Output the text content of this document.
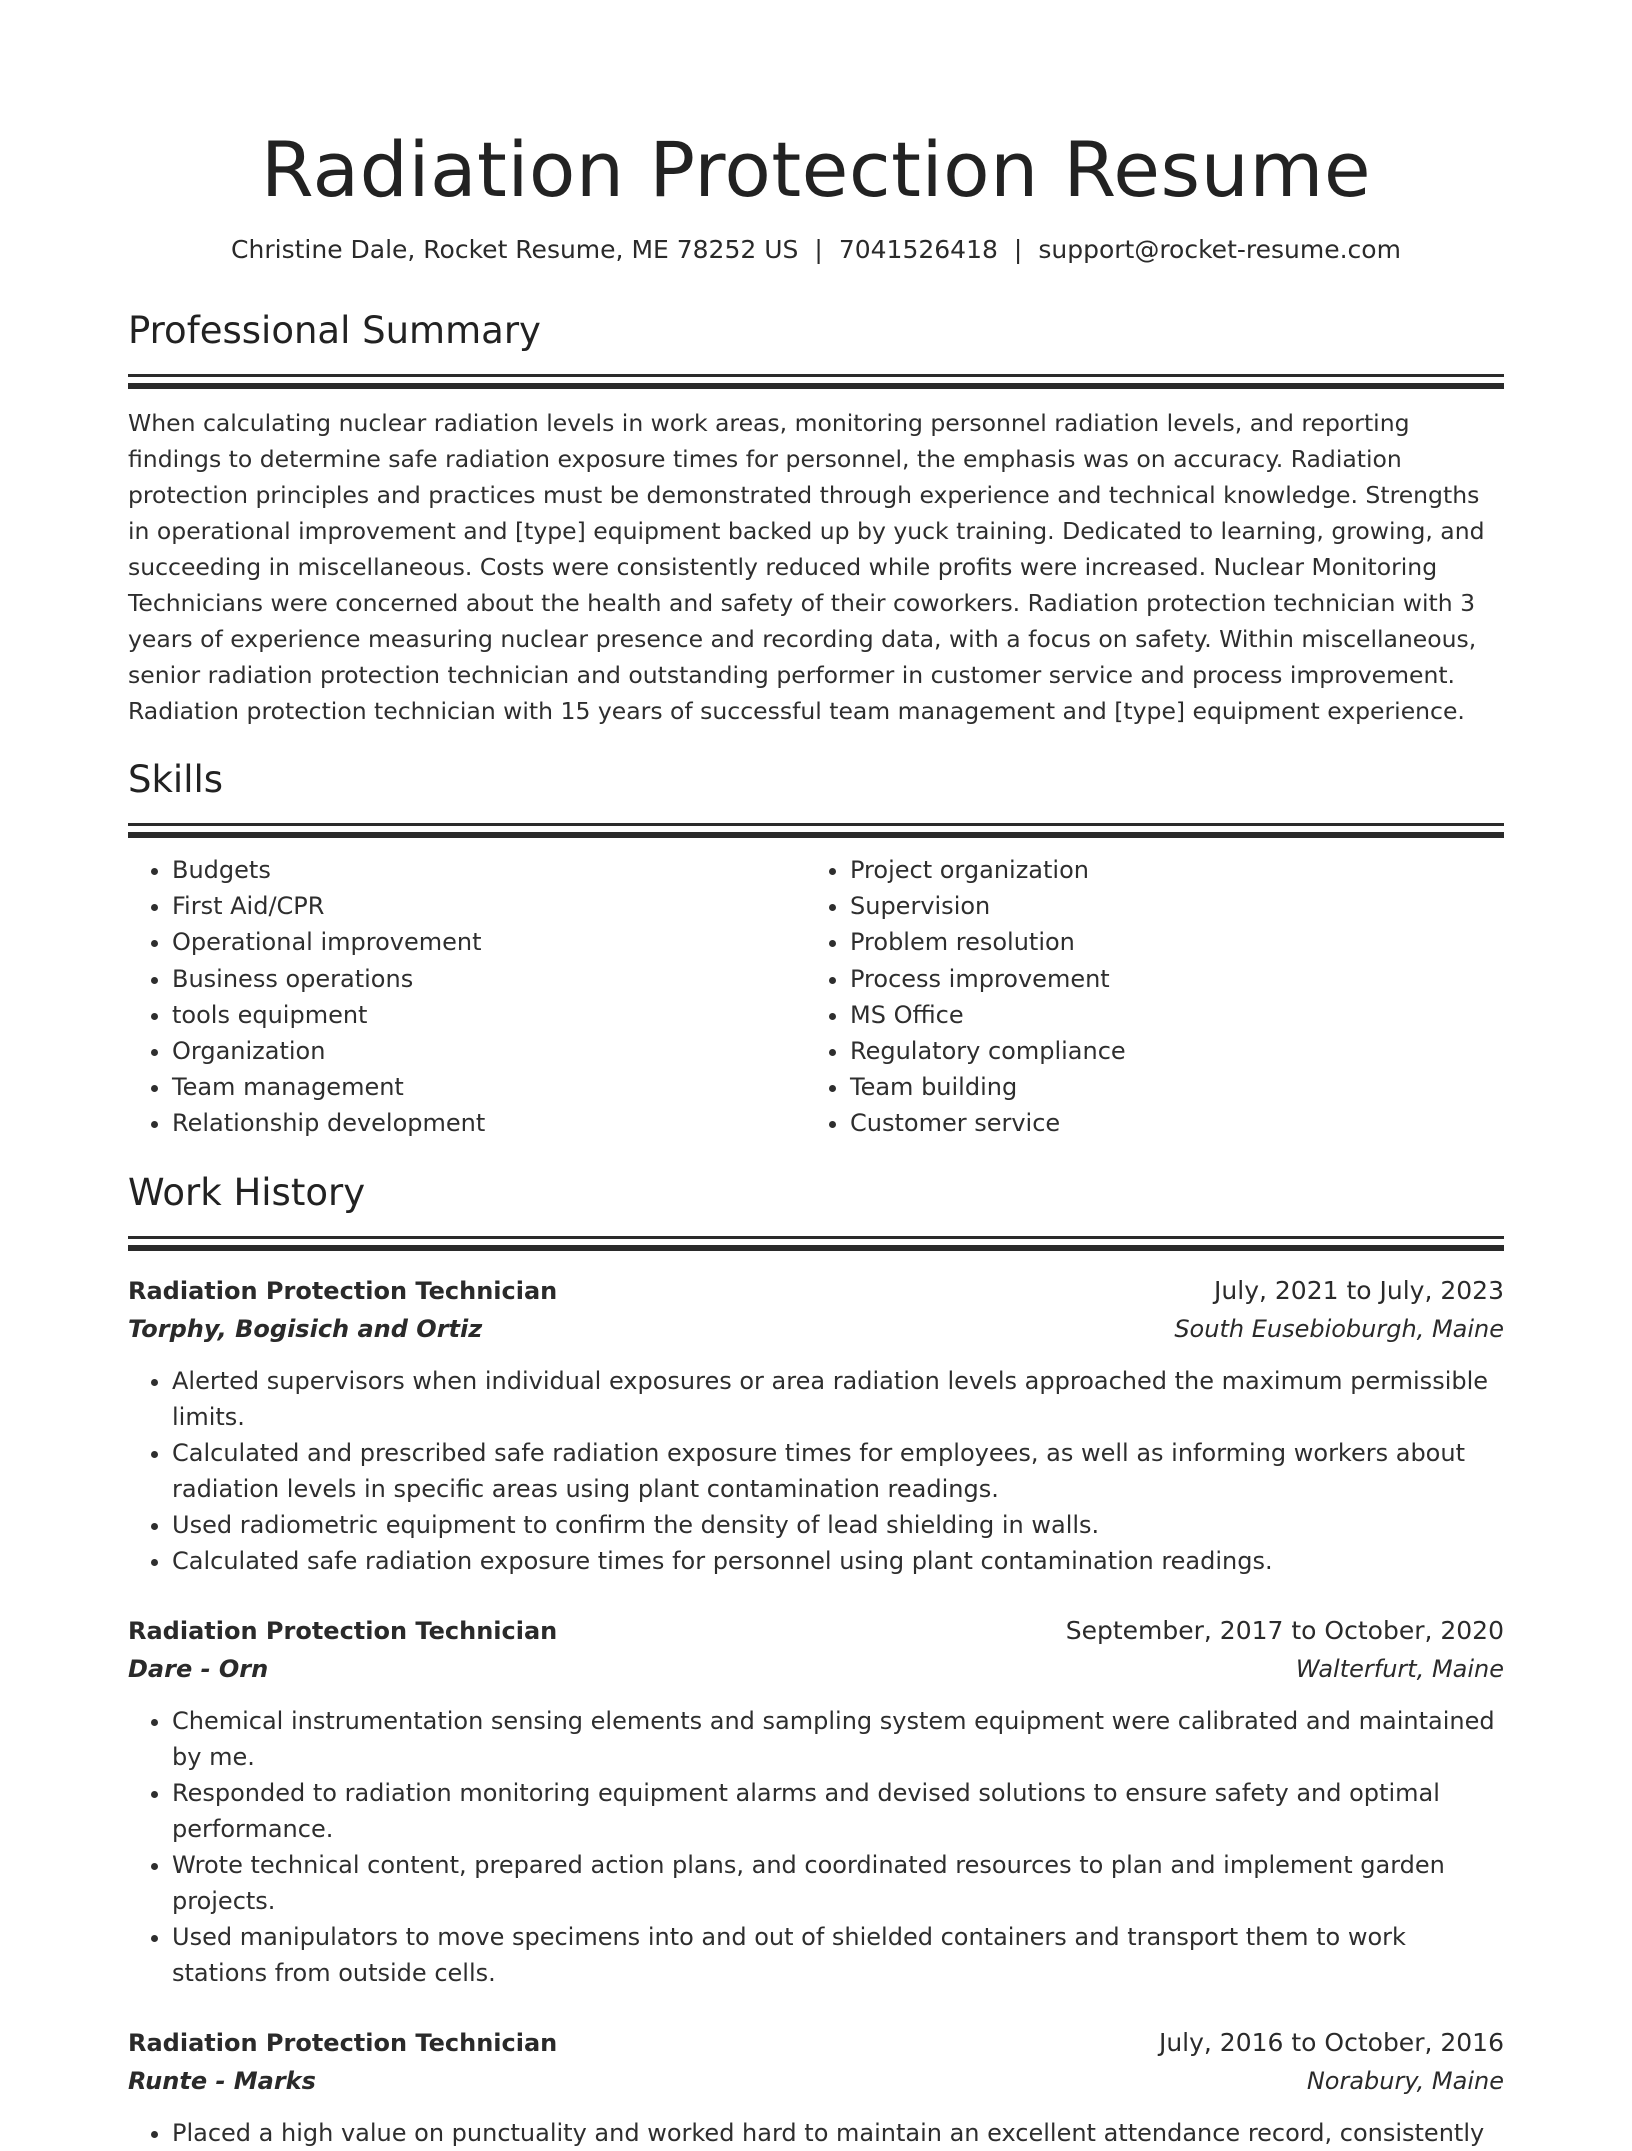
Radiation Protection Resume
Christine Dale, Rocket Resume, ME 78252 US | 7041526418 | support@rocket-resume.com
Professional Summary

When calculating nuclear radiation levels in work areas, monitoring personnel radiation levels, and reporting findings to determine safe radiation exposure times for personnel, the emphasis was on accuracy. Radiation protection principles and practices must be demonstrated through experience and technical knowledge. Strengths in operational improvement and [type] equipment backed up by yuck training. Dedicated to learning, growing, and succeeding in miscellaneous. Costs were consistently reduced while profits were increased. Nuclear Monitoring Technicians were concerned about the health and safety of their coworkers. Radiation protection technician with 3 years of experience measuring nuclear presence and recording data, with a focus on safety. Within miscellaneous, senior radiation protection technician and outstanding performer in customer service and process improvement. Radiation protection technician with 15 years of successful team management and [type] equipment experience.

Skills
• Budgets
• First Aid/CPR
• Operational improvement
• Business operations
• tools equipment
• Organization
• Team management
• Relationship development
• Project organization
• Supervision
• Problem resolution
• Process improvement
• MS Office
• Regulatory compliance
• Team building
• Customer service
Work History
Radiation Protection Technician	July, 2021 to July, 2023
Torphy, Bogisich and Ortiz	South Eusebioburgh, Maine
• Alerted supervisors when individual exposures or area radiation levels approached the maximum permissible limits.
• Calculated and prescribed safe radiation exposure times for employees, as well as informing workers about radiation levels in specific areas using plant contamination readings.
• Used radiometric equipment to confirm the density of lead shielding in walls.
• Calculated safe radiation exposure times for personnel using plant contamination readings.
Radiation Protection Technician	September, 2017 to October, 2020
Dare - Orn	Walterfurt, Maine
• Chemical instrumentation sensing elements and sampling system equipment were calibrated and maintained by me.
• Responded to radiation monitoring equipment alarms and devised solutions to ensure safety and optimal performance.
• Wrote technical content, prepared action plans, and coordinated resources to plan and implement garden projects.
• Used manipulators to move specimens into and out of shielded containers and transport them to work stations from outside cells.
Radiation Protection Technician	July, 2016 to October, 2016
Runte - Marks	Norabury, Maine
• Placed a high value on punctuality and worked hard to maintain an excellent attendance record, consistently
